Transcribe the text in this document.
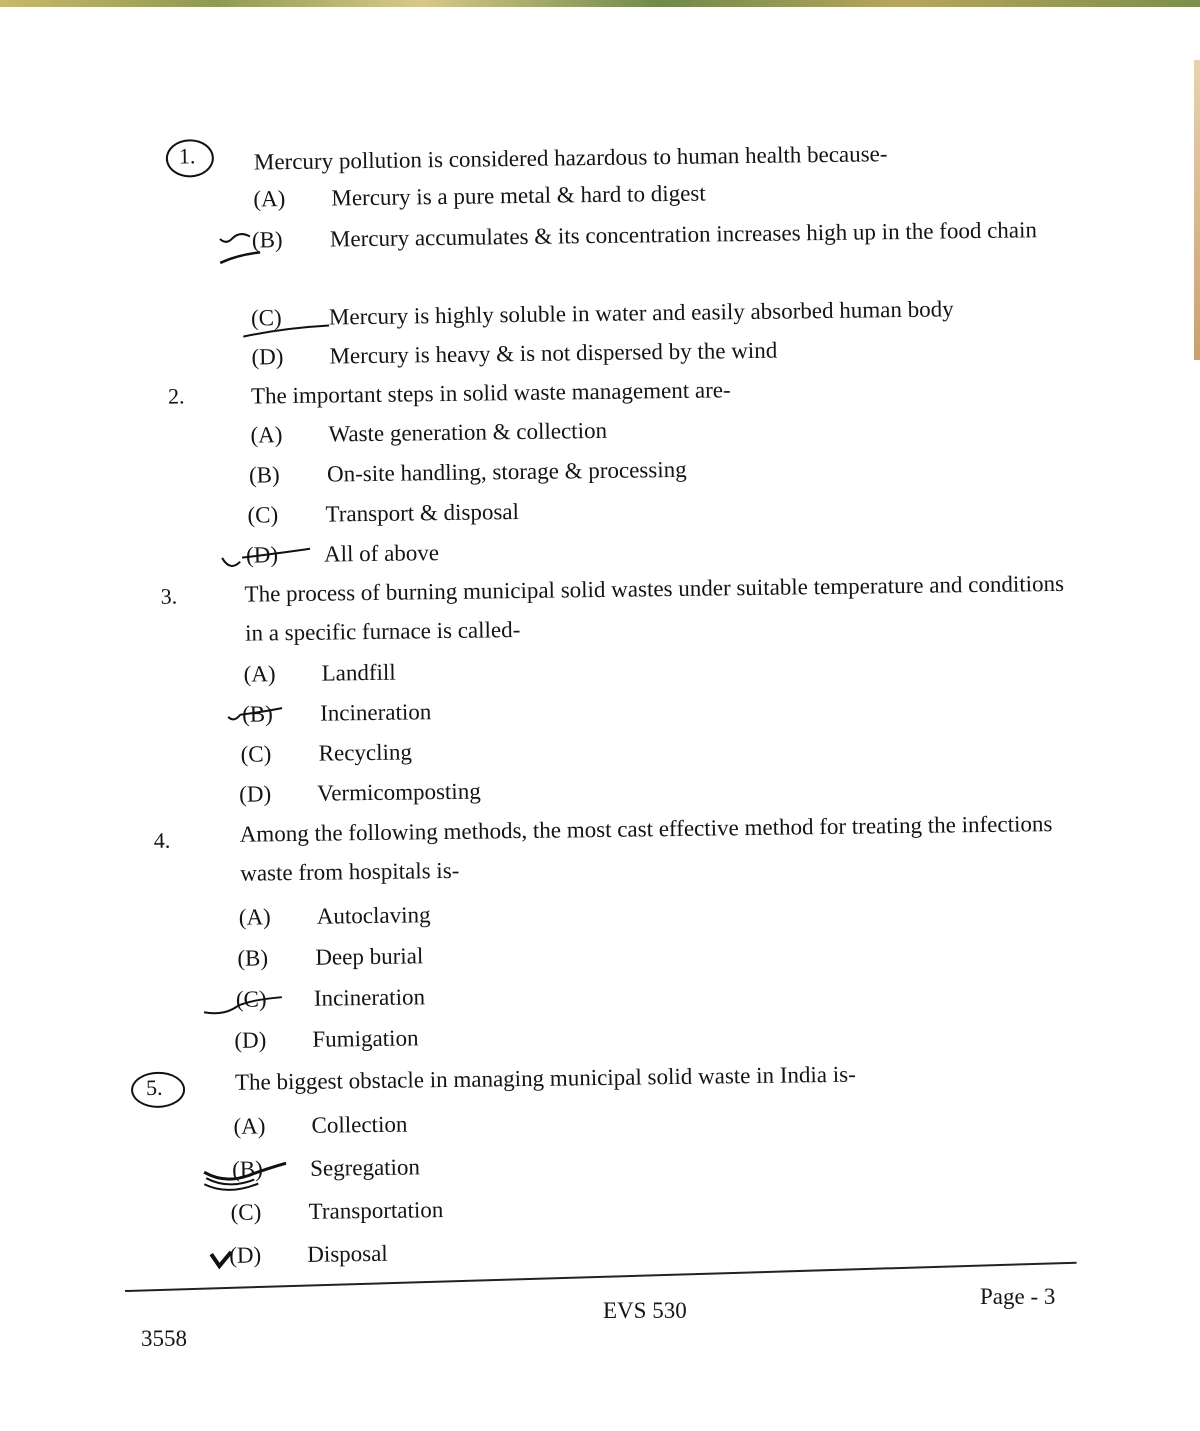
1.	Mercury pollution is considered hazardous to human health because-
(A)	Mercury is a pure metal & hard to digest
(B)	Mercury accumulates & its concentration increases high up in the food chain
(C)	Mercury is highly soluble in water and easily absorbed human body
(D)	Mercury is heavy & is not dispersed by the wind
2.	The important steps in solid waste management are-
(A)	Waste generation & collection
(B)	On-site handling, storage & processing
(C)	Transport & disposal
(D)	All of above
3.	The process of burning municipal solid wastes under suitable temperature and conditions in a specific furnace is called-
(A)	Landfill
(B)	Incineration
(C)	Recycling
(D)	Vermicomposting
4.	Among the following methods, the most cast effective method for treating the infections waste from hospitals is-
(A)	Autoclaving
(B)	Deep burial
(C)	Incineration
(D)	Fumigation
5.	The biggest obstacle in managing municipal solid waste in India is-
(A)	Collection
(B)	Segregation
(C)	Transportation
(D)	Disposal
3558
EVS 530
Page - 3
